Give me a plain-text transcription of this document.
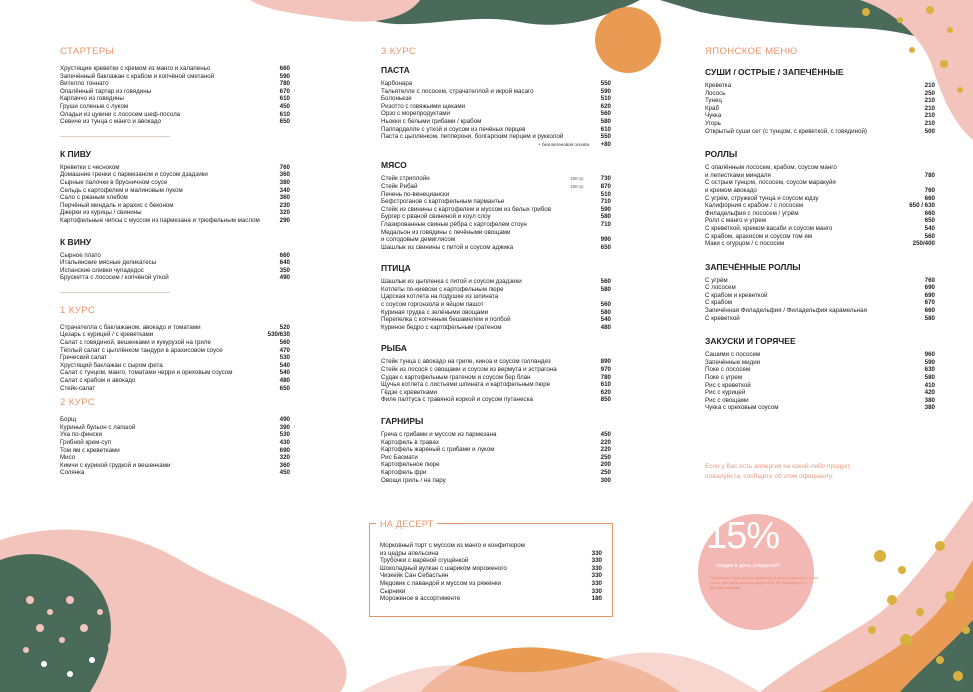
15%
скидка в день рождения*
* Действует 3 дня до дня рождения, в день рождения и 3 дня после при предъявлении документа. Не суммируется с другими акциями.
СТАРТЕРЫ
Хрустящие креветки с кремом из манго и халапеньо	660
Запечённый баклажан с крабом и копчёной сметаной	590
Вителло тоннато	780
Опалённый тартар из говядины	670
Карпаччо из говядины	610
Груши соленые с луком	450
Оладьи из цукини с лососем шеф-посола	610
Севиче из тунца с манго и авокадо	650
К ПИВУ
Креветки с чесноком	760
Домашние гренки с пармезаном и соусом дзадзики	360
Сырные палочки в брусничном соусе	380
Сельдь с картофелем и малиновым луком	340
Сало с ржаным хлебом	360
Перчёный миндаль и арахис с беконом	230
Джерки из курицы / свинины	320
Картофельные чипсы с муссом из пармезана и трюфельным маслом	290
К ВИНУ
Сырное плато	660
Итальянские мясные деликатесы	640
Испанские оливки чупадедос	350
Брускетта с лососем / копчёной уткой	490
1 КУРС
Страчателла с баклажаном, авокадо и томатами	520
Цезарь с курицей / с креветками	530/630
Салат с говядиной, вешенками и кукурузой на гриле	560
Тёплый салат с цыплёнком тандури в арахисовом соусе	470
Греческий салат	530
Хрустящий баклажан с сыром фета	540
Салат с тунцом, манго, томатами черри и ореховым соусом	540
Салат с крабом и авокадо	480
Стейк-салат	650
2 КУРС
Борщ	490
Куриный бульон с лапшой	390
Уха по-фински	530
Грибной крем-суп	430
Том ям с креветками	690
Мисо	320
Кимчи с куриной грудкой и вешенками	360
Солянка	450
3 КУРС
ПАСТА
Карбонара	550
Тальятелле с лососем, страчателлой и икрой масаго	590
Болоньезе	510
Ризотто с говяжьими щеками	620
Орзо с морепродуктами	560
Ньокки с белыми грибами / крабом	580
Паппарделле с уткой и соусом из печёных перцев	610
Паста с цыпленком, пепперони, болгарским перцем и рукколой	550
+ безглютеновая основа	+80
МЯСО
Стейк стриплойн	100 гр	730
Стейк Рибай	100 гр	870
Печень по-венециански	510
Бефстроганов с картофельным пармантье	710
Стейк из свинины с картофелем и муссом из белых грибов	590
Бургер с рваной свининой и коул слоу	580
Глазированные свиные рёбра с картофелем стоун	710
Медальон из говядины с печёными овощами
и солодовым демиглясом	990
Шашлык из свинины с питой и соусом аджика	650
ПТИЦА
Шашлык из цыпленка с питой и соусом дзадзики	560
Котлеты по-киевски с картофельным пюре	580
Царская котлета на подушке из шпината
с соусом горгонзола и яйцом пашот	560
Куриная грудка с зелёными овощами	580
Перепелка с копченым бешамелем и полбой	540
Куриное бедро с картофельным гратеном	480
РЫБА
Стейк тунца с авокадо на гриле, киноа и соусом голландез	890
Стейк из лосося с овощами и соусом из вермута и эстрагона	970
Судак с картофельным гратеном и соусом бер блан	780
Щучья котлета с листьями шпината и картофельным пюре	610
Гёдзе с креветками	620
Филе палтуса с травяной коркой и соусом путанеска	850
ГАРНИРЫ
Греча с грибами и муссом из пармезана	450
Картофель в травах	220
Картофель жареный с грибами и луком	220
Рис Басмати	250
Картофельное пюре	200
Картофель фри	250
Овощи гриль / на пару	300
Морковный торт с муссом из манго и конфитюром
из цедры апельсина	330
Трубочки с варёной сгущёнкой	330
Шоколадный вулкан с шариком мороженого	330
Чизкейк Сан Себастьян	330
Медовик с лавандой и муссом из ряженки	330
Сырники	330
Мороженое в ассортименте	180
НА ДЕСЕРТ
ЯПОНСКОЕ МЕНЮ
СУШИ / ОСТРЫЕ / ЗАПЕЧЁННЫЕ
Креветка	210
Лосось	250
Тунец	210
Краб	210
Чукка	210
Угорь	210
Открытый суши сет (с тунцом, с креветкой, с говядиной)	500
РОЛЛЫ
С опалённым лососем, крабом, соусом манго
и лепестками миндаля	780
С острым тунцом, лососем, соусом маракуйя
и кремом авокадо	760
С угрём, стружкой тунца и соусом юдзу	660
Калифорния с крабом / с лососем	650 / 630
Филадельфия с лососем / угрём	660
Ролл с манго и угрем	650
С креветкой, кремом васаби и соусом манго	540
С крабом, арахисом и соусом том ям	560
Маки с огурцом / с лососем	250/400
ЗАПЕЧЁННЫЕ РОЛЛЫ
С угрём	760
С лососем	690
С крабом и креветкой	690
С крабом	670
Запечённая Филадельфия / Филадельфия карамельная	660
С креветкой	580
ЗАКУСКИ И ГОРЯЧЕЕ
Сашими с лососем	960
Запечённые мидии	590
Поке с лососем	630
Поке с угрем	580
Рис с креветкой	410
Рис с курицей	420
Рис с овощами	380
Чукка с ореховым соусом	380
Если у Вас есть аллергия на какой-либо продукт, пожалуйста, сообщите об этом официанту.
